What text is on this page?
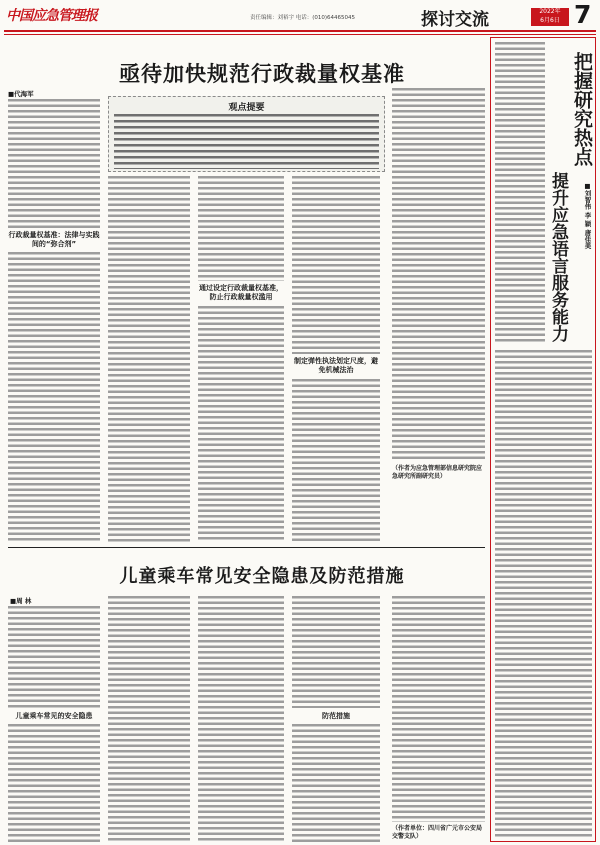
中国应急管理报	责任编辑：刘裕宇 电话：(010)64465045	探讨交流	2022年
6月6日 7
亟待加快规范行政裁量权基准
■代海军
行政裁量权基准：法律与实践间的“弥合剂”
观点提要
通过设定行政裁量权基准，防止行政裁量权滥用
制定弹性执法划定尺度，避免机械法治
（作者为应急管理部信息研究院应急研究所副研究员）
儿童乘车常见安全隐患及防范措施
■周 林
儿童乘车常见的安全隐患	防范措施
（作者单位：四川省广元市公安局交警支队）
把握研究热点
提升应急语言服务能力 ■刘智伟 李 颖 唐佳美
